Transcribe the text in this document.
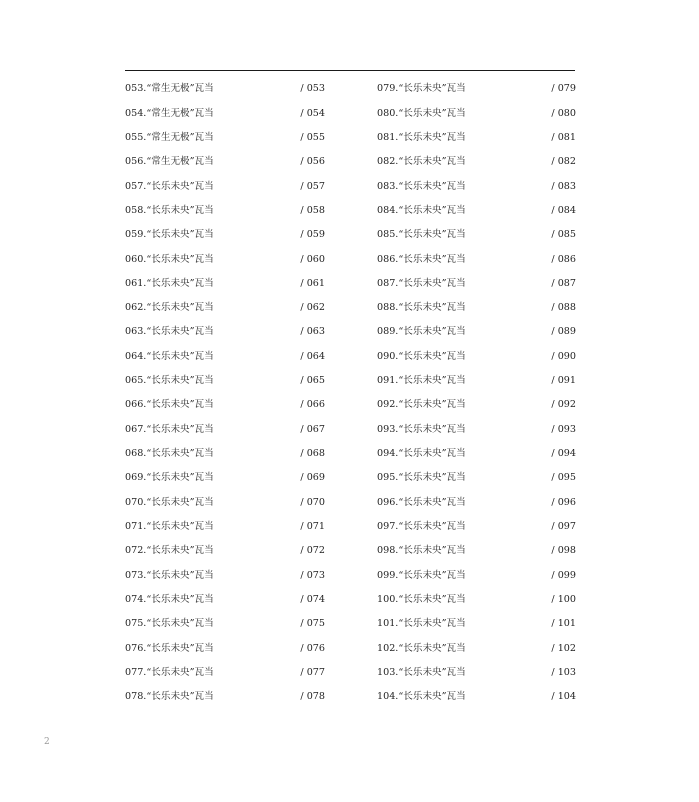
053.“常生无极”瓦当	/ 053
054.“常生无极”瓦当	/ 054
055.“常生无极”瓦当	/ 055
056.“常生无极”瓦当	/ 056
057.“长乐未央”瓦当	/ 057
058.“长乐未央”瓦当	/ 058
059.“长乐未央”瓦当	/ 059
060.“长乐未央”瓦当	/ 060
061.“长乐未央”瓦当	/ 061
062.“长乐未央”瓦当	/ 062
063.“长乐未央”瓦当	/ 063
064.“长乐未央”瓦当	/ 064
065.“长乐未央”瓦当	/ 065
066.“长乐未央”瓦当	/ 066
067.“长乐未央”瓦当	/ 067
068.“长乐未央”瓦当	/ 068
069.“长乐未央”瓦当	/ 069
070.“长乐未央”瓦当	/ 070
071.“长乐未央”瓦当	/ 071
072.“长乐未央”瓦当	/ 072
073.“长乐未央”瓦当	/ 073
074.“长乐未央”瓦当	/ 074
075.“长乐未央”瓦当	/ 075
076.“长乐未央”瓦当	/ 076
077.“长乐未央”瓦当	/ 077
078.“长乐未央”瓦当	/ 078
079.“长乐未央”瓦当	/ 079
080.“长乐未央”瓦当	/ 080
081.“长乐未央”瓦当	/ 081
082.“长乐未央”瓦当	/ 082
083.“长乐未央”瓦当	/ 083
084.“长乐未央”瓦当	/ 084
085.“长乐未央”瓦当	/ 085
086.“长乐未央”瓦当	/ 086
087.“长乐未央”瓦当	/ 087
088.“长乐未央”瓦当	/ 088
089.“长乐未央”瓦当	/ 089
090.“长乐未央”瓦当	/ 090
091.“长乐未央”瓦当	/ 091
092.“长乐未央”瓦当	/ 092
093.“长乐未央”瓦当	/ 093
094.“长乐未央”瓦当	/ 094
095.“长乐未央”瓦当	/ 095
096.“长乐未央”瓦当	/ 096
097.“长乐未央”瓦当	/ 097
098.“长乐未央”瓦当	/ 098
099.“长乐未央”瓦当	/ 099
100.“长乐未央”瓦当	/ 100
101.“长乐未央”瓦当	/ 101
102.“长乐未央”瓦当	/ 102
103.“长乐未央”瓦当	/ 103
104.“长乐未央”瓦当	/ 104
2
